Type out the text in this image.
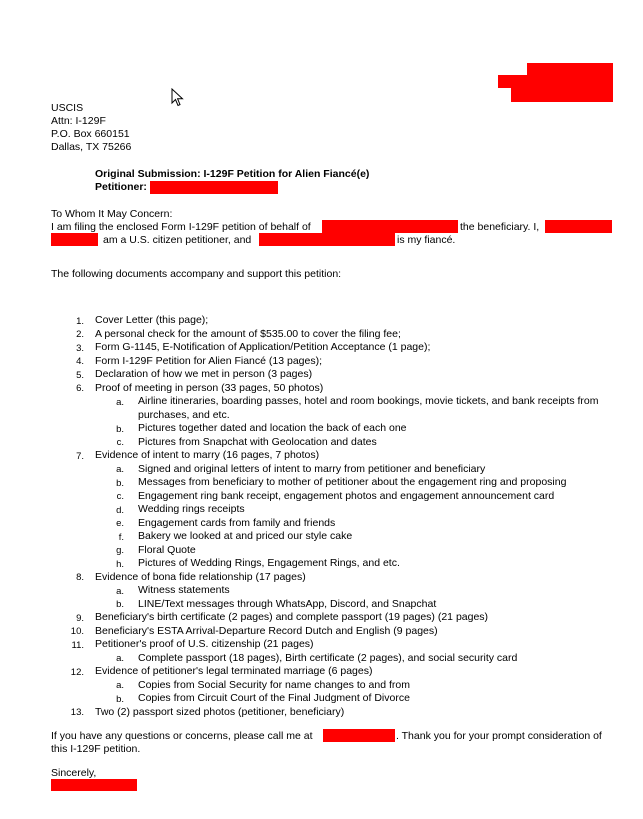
USCIS
Attn: I-129F
P.O. Box 660151
Dallas, TX 75266
Original Submission: I-129F Petition for Alien Fiancé(e)
Petitioner:
To Whom It May Concern:
I am filing the enclosed Form I-129F petition of behalf of	the beneficiary. I,
am a U.S. citizen petitioner, and	is my fiancé.
The following documents accompany and support this petition:
1. Cover Letter (this page);
2. A personal check for the amount of $535.00 to cover the filing fee;
3. Form G-1145, E-Notification of Application/Petition Acceptance (1 page);
4. Form I-129F Petition for Alien Fiancé (13 pages);
5. Declaration of how we met in person (3 pages)
6. Proof of meeting in person (33 pages, 50 photos)
a. Airline itineraries, boarding passes, hotel and room bookings, movie tickets, and bank receipts from
purchases, and etc.
b. Pictures together dated and location the back of each one
c. Pictures from Snapchat with Geolocation and dates
7. Evidence of intent to marry (16 pages, 7 photos)
a. Signed and original letters of intent to marry from petitioner and beneficiary
b. Messages from beneficiary to mother of petitioner about the engagement ring and proposing
c. Engagement ring bank receipt, engagement photos and engagement announcement card
d. Wedding rings receipts
e. Engagement cards from family and friends
f. Bakery we looked at and priced our style cake
g. Floral Quote
h. Pictures of Wedding Rings, Engagement Rings, and etc.
8. Evidence of bona fide relationship (17 pages)
a. Witness statements
b. LINE/Text messages through WhatsApp, Discord, and Snapchat
9. Beneficiary's birth certificate (2 pages) and complete passport (19 pages) (21 pages)
10. Beneficiary's ESTA Arrival-Departure Record Dutch and English (9 pages)
11. Petitioner's proof of U.S. citizenship (21 pages)
a. Complete passport (18 pages), Birth certificate (2 pages), and social security card
12. Evidence of petitioner's legal terminated marriage (6 pages)
a. Copies from Social Security for name changes to and from
b. Copies from Circuit Court of the Final Judgment of Divorce
13. Two (2) passport sized photos (petitioner, beneficiary)
If you have any questions or concerns, please call me at	. Thank you for your prompt consideration of
this I-129F petition.
Sincerely,
